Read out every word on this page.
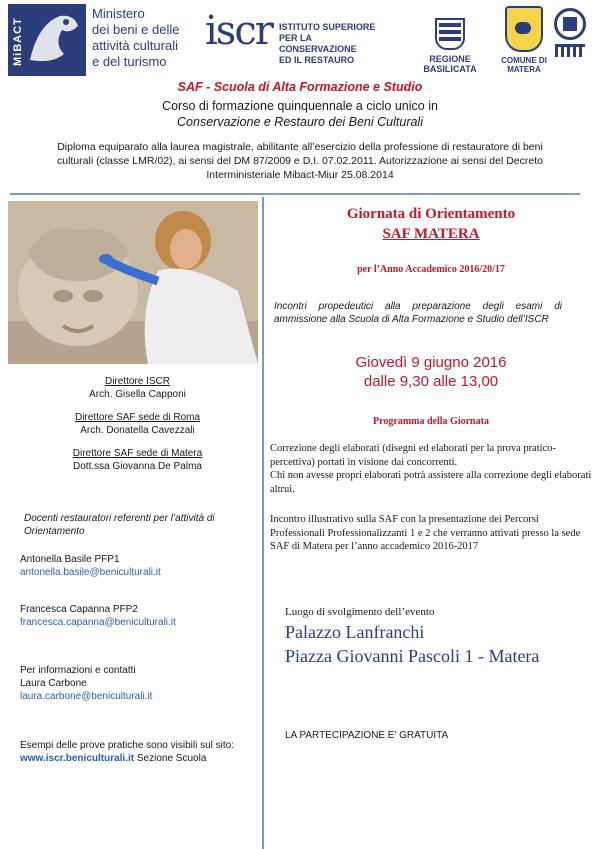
MiBACT
Ministero
dei beni e delle
attività culturali
e del turismo
iscr ISTITUTO SUPERIORE
PER LA CONSERVAZIONE
ED IL RESTAURO	REGIONE BASILICATA
COMUNE DI MATERA
SAF - Scuola di Alta Formazione e Studio
Corso di formazione quinquennale a ciclo unico in
Conservazione e Restauro dei Beni Culturali
Diploma equiparato alla laurea magistrale, abilitante all’esercizio della professione di restauratore di beni culturali (classe LMR/02), ai sensi del DM 87/2009 e D.I. 07.02.2011. Autorizzazione ai sensi del Decreto Interministeriale Mibact-Miur 25.08.2014
Direttore ISCR
Arch. Gisella Capponi
Direttore SAF sede di Roma
Arch. Donatella Cavezzali
Direttore SAF sede di Matera
Dott.ssa Giovanna De Palma
Docenti restauratori referenti per l’attività di Orientamento
Antonella Basile PFP1
antonella.basile@beniculturali.it
Francesca Capanna PFP2
francesca.capanna@beniculturali.it
Per informazioni e contatti
Laura Carbone
laura.carbone@beniculturali.it
Esempi delle prove pratiche sono visibili sul sito: www.iscr.beniculturali.it Sezione Scuola
Giornata di Orientamento
SAF MATERA
per l’Anno Accademico 2016/20/17
Incontri propedeutici alla preparazione degli esami di ammissione alla Scuola di Alta Formazione e Studio dell’ISCR
Giovedì 9 giugno 2016
dalle 9,30 alle 13,00
Programma della Giornata
Correzione degli elaborati (disegni ed elaborati per la prova pratico-percettiva) portati in visione dai concorrenti.
Chi non avesse propri elaborati potrà assistere alla correzione degli elaborati altrui.
Incontro illustrativo sulla SAF con la presentazione dei Percorsi Professionali Professionalizzanti 1 e 2 che verranno attivati presso la sede SAF di Matera per l’anno accademico 2016-2017
Luogo di svolgimento dell’evento
Palazzo Lanfranchi
Piazza Giovanni Pascoli 1 - Matera
LA PARTECIPAZIONE E’ GRATUITA
